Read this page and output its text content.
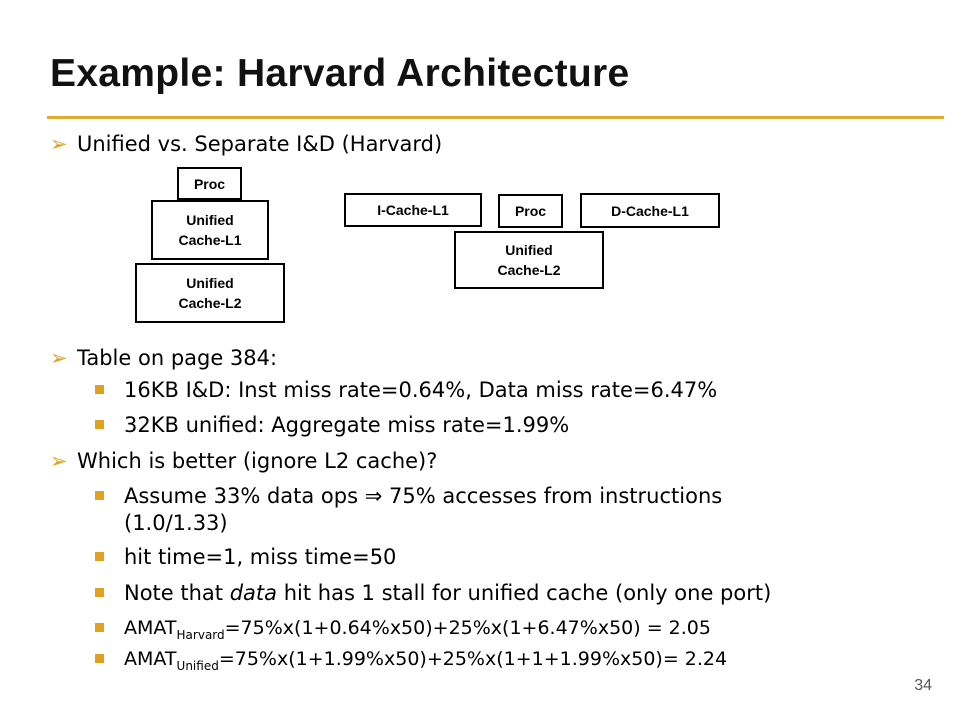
Example: Harvard Architecture
➢ Unified vs. Separate I&D (Harvard)
Proc
Unified
Cache-L1
Unified
Cache-L2
I-Cache-L1	Proc	D-Cache-L1
Unified
Cache-L2
➢ Table on page 384:
16KB I&D: Inst miss rate=0.64%, Data miss rate=6.47%
32KB unified: Aggregate miss rate=1.99%
➢ Which is better (ignore L2 cache)?
Assume 33% data ops ⇒ 75% accesses from instructions
(1.0/1.33)
hit time=1, miss time=50
Note that data hit has 1 stall for unified cache (only one port)
$AMAT_{Harvard}=75\%x(1+0.64\%x50)+25\%x(1+6.47\%x50) = 2.05$
$AMAT_{Unified}=75\%x(1+1.99\%x50)+25\%x(1+1+1.99\%x50)= 2.24$
34
